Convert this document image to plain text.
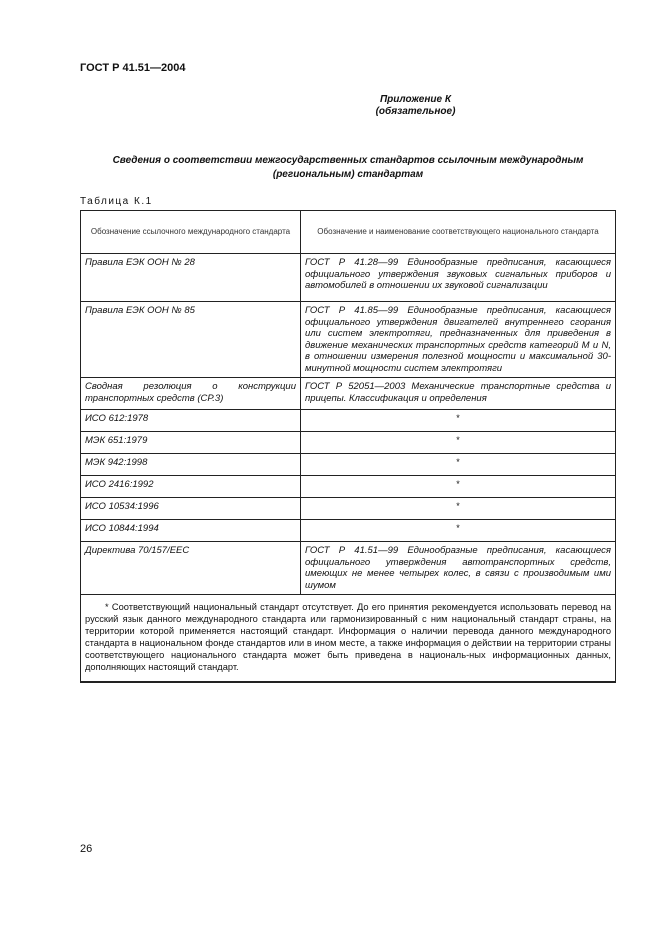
ГОСТ Р 41.51—2004
Приложение К
(обязательное)
Сведения о соответствии межгосударственных стандартов ссылочным международным
(региональным) стандартам
Таблица К.1
Обозначение ссылочного международного стандарта	Обозначение и наименование соответствующего национального стандарта
Правила ЕЭК ООН № 28	ГОСТ Р 41.28—99 Единообразные предписания, касающиеся официального утверждения звуковых сигнальных приборов и автомобилей в отношении их звуковой сигнализации
Правила ЕЭК ООН № 85	ГОСТ Р 41.85—99 Единообразные предписания, касающиеся официального утверждения двигателей внутреннего сгорания или систем электротяги, предназначенных для приведения в движение механических транспортных средств категорий М и N, в отношении измерения полезной мощности и максимальной 30-минутной мощности систем электротяги
Сводная резолюция о конструкции транспортных средств (СР.3)	ГОСТ Р 52051—2003 Механические транспортные средства и прицепы. Классификация и определения
ИСО 612:1978	*
МЭК 651:1979	*
МЭК 942:1998	*
ИСО 2416:1992	*
ИСО 10534:1996	*
ИСО 10844:1994	*
Директива 70/157/ЕЕС	ГОСТ Р 41.51—99 Единообразные предписания, касающиеся официального утверждения автотранспортных средств, имеющих не менее четырех колес, в связи с производимым ими шумом
* Соответствующий национальный стандарт отсутствует. До его принятия рекомендуется использовать перевод на русский язык данного международного стандарта или гармонизированный с ним национальный стандарт страны, на территории которой применяется настоящий стандарт. Информация о наличии перевода данного международного стандарта в национальном фонде стандартов или в ином месте, а также информация о действии на территории страны соответствующего национального стандарта может быть приведена в националь-ных информационных данных, дополняющих настоящий стандарт.	
26
